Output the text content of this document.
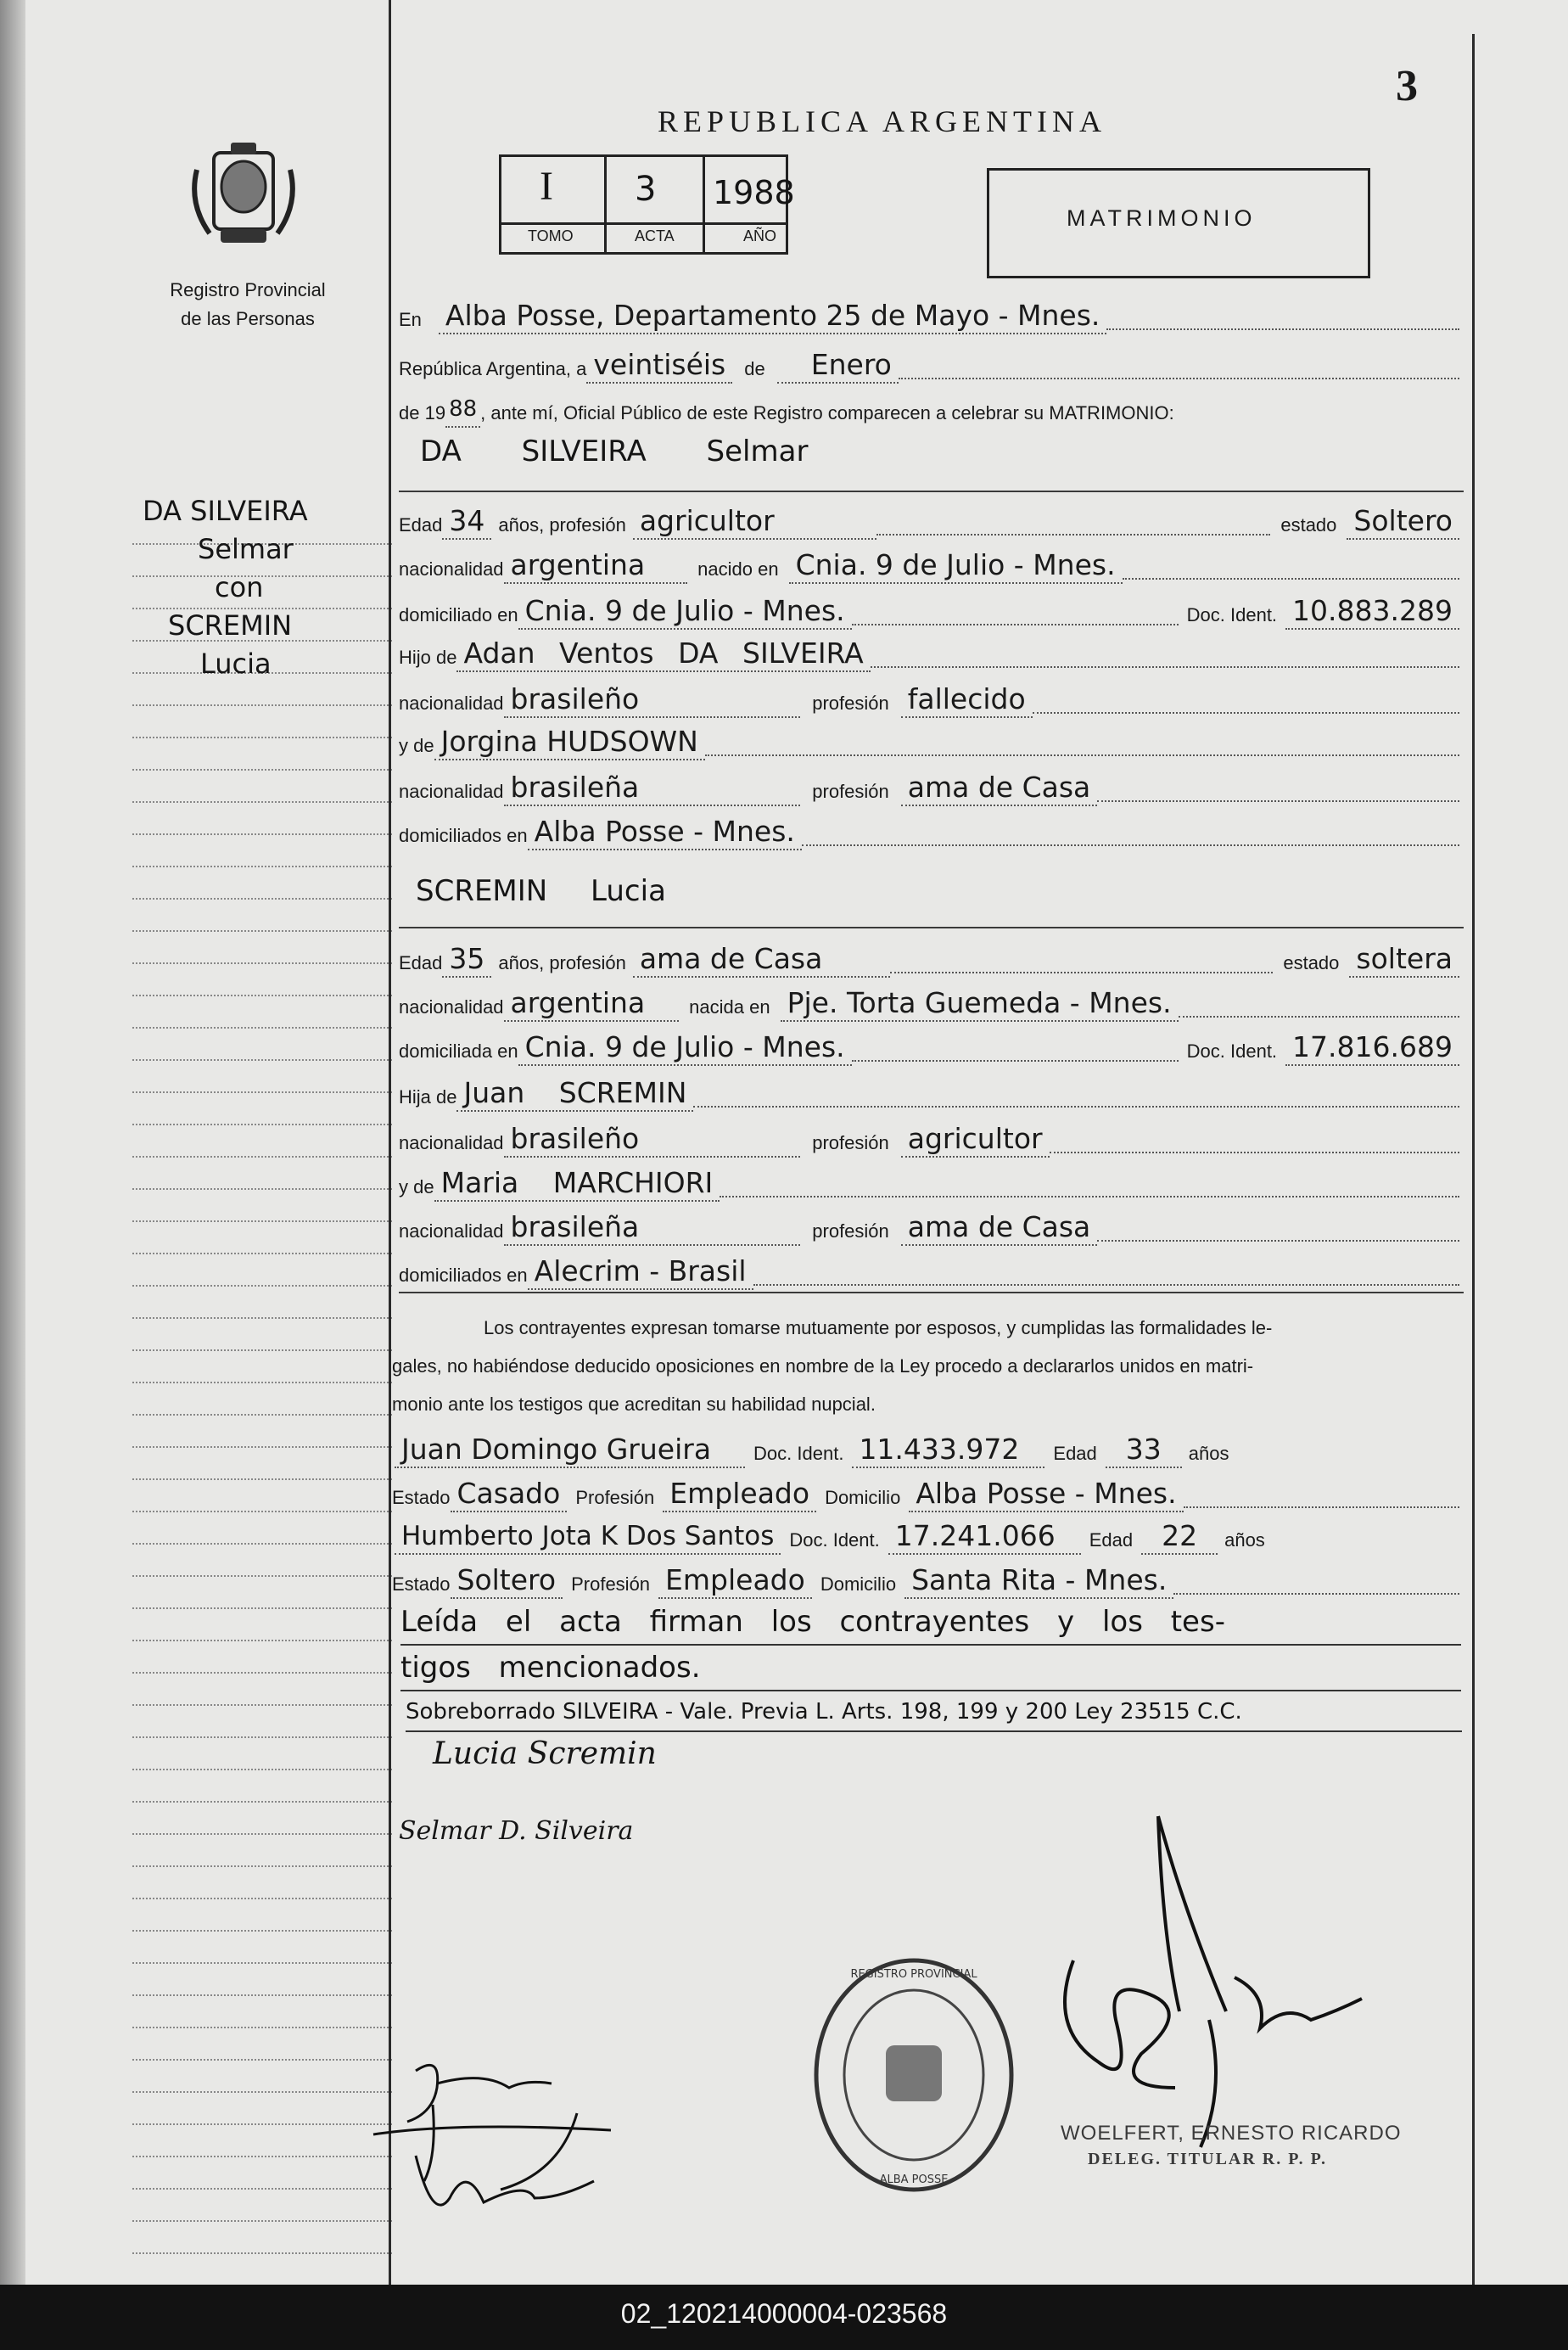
Registro Provincial
de las Personas
DA SILVEIRA
Selmar
con
SCREMIN
Lucia
3
REPUBLICA ARGENTINA
I 3 1988
TOMO	ACTA	AÑO
MATRIMONIO
En Alba Posse, Departamento 25 de Mayo - Mnes.
República Argentina, a veintiséis	de	Enero
de 19 88 , ante mí, Oficial Público de este Registro comparecen a celebrar su MATRIMONIO:
DA SILVEIRA Selmar
Edad 34 años, profesión agricultor	estado Soltero
nacionalidad argentina	nacido en Cnia. 9 de Julio - Mnes.
domiciliado en Cnia. 9 de Julio - Mnes.	Doc. Ident. 10.883.289
Hijo de Adan Ventos DA SILVEIRA
nacionalidad brasileño	profesión fallecido
y de Jorgina HUDSOWN
nacionalidad brasileña	profesión ama de Casa
domiciliados en Alba Posse - Mnes.
SCREMIN Lucia
Edad 35 años, profesión ama de Casa	estado soltera
nacionalidad argentina	nacida en Pje. Torta Guemeda - Mnes.
domiciliada en Cnia. 9 de Julio - Mnes.	Doc. Ident. 17.816.689
Hija de Juan SCREMIN
nacionalidad brasileño	profesión agricultor
y de Maria MARCHIORI
nacionalidad brasileña	profesión ama de Casa
domiciliados en Alecrim - Brasil
Los contrayentes expresan tomarse mutuamente por esposos, y cumplidas las formalidades le-
gales, no habiéndose deducido oposiciones en nombre de la Ley procedo a declararlos unidos en matri-
monio ante los testigos que acreditan su habilidad nupcial.
Juan Domingo Grueira	Doc. Ident. 11.433.972	Edad	33	años
Estado Casado Profesión Empleado Domicilio Alba Posse - Mnes.
Humberto Jota K Dos Santos Doc. Ident. 17.241.066	Edad	22	años
Estado Soltero Profesión Empleado Domicilio Santa Rita - Mnes.
Leída el acta firman los contrayentes y los tes-
tigos mencionados.
Sobreborrado SILVEIRA - Vale. Previa L. Arts. 198, 199 y 200 Ley 23515 C.C.
Lucia Scremin
Selmar D. Silveira
REGISTRO PROVINCIAL
ALBA POSSE
WOELFERT, ERNESTO RICARDO
DELEG. TITULAR R. P. P.
02_120214000004-023568
